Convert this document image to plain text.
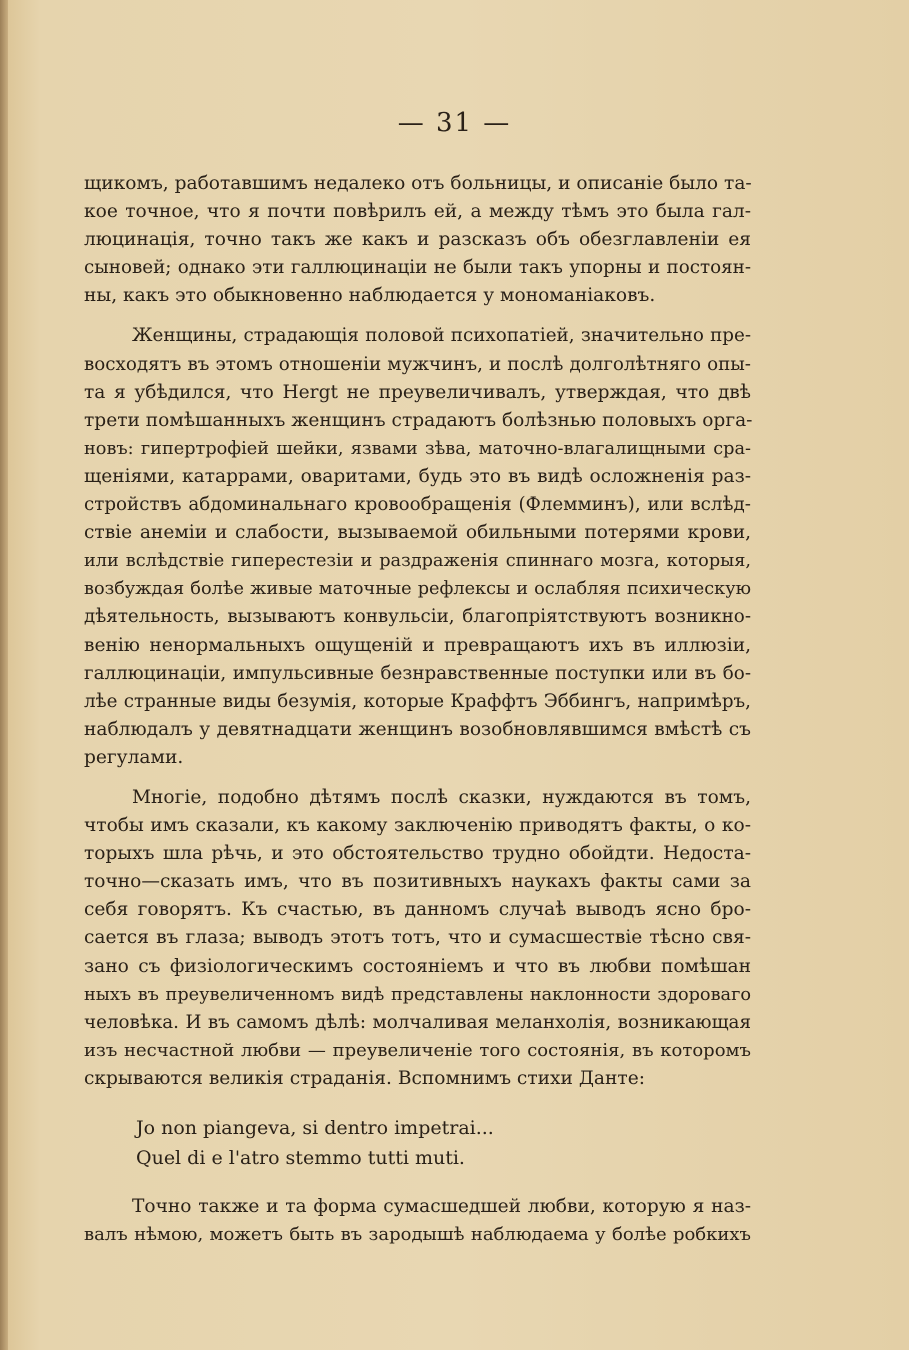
— 31 —
щикомъ, работавшимъ недалеко отъ больницы, и описаніе было та-
кое точное, что я почти повѣрилъ ей, а между тѣмъ это была гал-
люцинація, точно такъ же какъ и разсказъ объ обезглавленіи ея
сыновей; однако эти галлюцинаціи не были такъ упорны и постоян-
ны, какъ это обыкновенно наблюдается у мономаніаковъ.
Женщины, страдающія половой психопатіей, значительно пре-
восходятъ въ этомъ отношеніи мужчинъ, и послѣ долголѣтняго опы-
та я убѣдился, что Hergt не преувеличивалъ, утверждая, что двѣ
трети помѣшанныхъ женщинъ страдаютъ болѣзнью половыхъ орга-
новъ: гипертрофіей шейки, язвами зѣва, маточно-влагалищными сра-
щеніями, катаррами, оваритами, будь это въ видѣ осложненія раз-
стройствъ абдоминальнаго кровообращенія (Флемминъ), или вслѣд-
ствіе анеміи и слабости, вызываемой обильными потерями крови,
или вслѣдствіе гиперестезіи и раздраженія спиннаго мозга, которыя,
возбуждая болѣе живые маточные рефлексы и ослабляя психическую
дѣятельность, вызываютъ конвульсіи, благопріятствуютъ возникно-
венію ненормальныхъ ощущеній и превращаютъ ихъ въ иллюзіи,
галлюцинаціи, импульсивные безнравственные поступки или въ бо-
лѣе странные виды безумія, которые Краффтъ Эббингъ, напримѣръ,
наблюдалъ у девятнадцати женщинъ возобновлявшимся вмѣстѣ съ
регулами.
Многіе, подобно дѣтямъ послѣ сказки, нуждаются въ томъ,
чтобы имъ сказали, къ какому заключенію приводятъ факты, о ко-
торыхъ шла рѣчь, и это обстоятельство трудно обойдти. Недоста-
точно—сказать имъ, что въ позитивныхъ наукахъ факты сами за
себя говорятъ. Къ счастью, въ данномъ случаѣ выводъ ясно бро-
сается въ глаза; выводъ этотъ тотъ, что и сумасшествіе тѣсно свя-
зано съ физіологическимъ состояніемъ и что въ любви помѣшан
ныхъ въ преувеличенномъ видѣ представлены наклонности здороваго
человѣка. И въ самомъ дѣлѣ: молчаливая меланхолія, возникающая
изъ несчастной любви — преувеличеніе того состоянія, въ которомъ
скрываются великія страданія. Вспомнимъ стихи Данте:
Jo non piangeva, si dentro impetrai...
Quel di e l'atro stemmo tutti muti.
Точно также и та форма сумасшедшей любви, которую я наз-
валъ нѣмою, можетъ быть въ зародышѣ наблюдаема у болѣе робкихъ
